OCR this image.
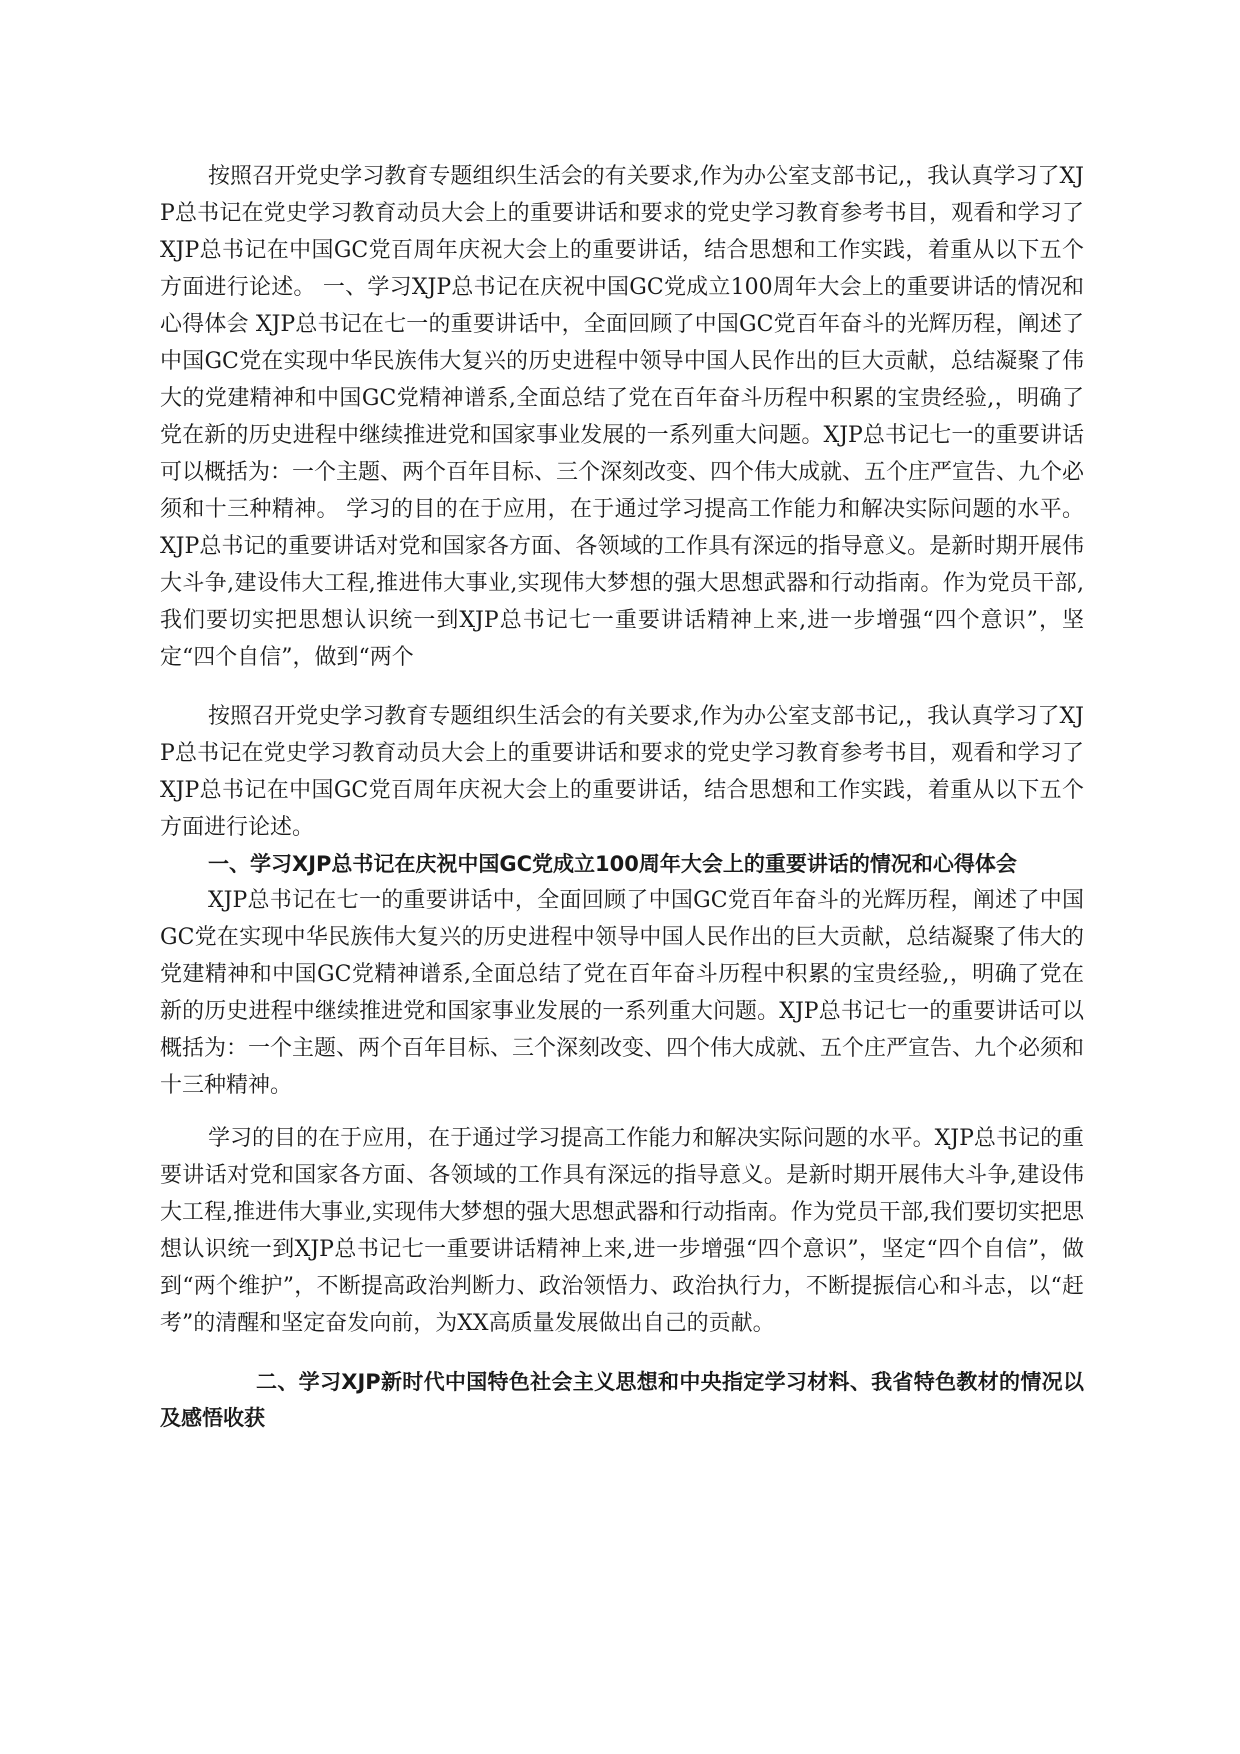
按照召开党史学习教育专题组织生活会的有关要求,作为办公室支部书记,，我认真学习了XJP总书记在党史学习教育动员大会上的重要讲话和要求的党史学习教育参考书目，观看和学习了XJP总书记在中国GC党百周年庆祝大会上的重要讲话，结合思想和工作实践，着重从以下五个方面进行论述。 一、学习XJP总书记在庆祝中国GC党成立100周年大会上的重要讲话的情况和心得体会 XJP总书记在七一的重要讲话中，全面回顾了中国GC党百年奋斗的光辉历程，阐述了中国GC党在实现中华民族伟大复兴的历史进程中领导中国人民作出的巨大贡献，总结凝聚了伟大的党建精神和中国GC党精神谱系,全面总结了党在百年奋斗历程中积累的宝贵经验,，明确了党在新的历史进程中继续推进党和国家事业发展的一系列重大问题。XJP总书记七一的重要讲话可以概括为：一个主题、两个百年目标、三个深刻改变、四个伟大成就、五个庄严宣告、九个必须和十三种精神。 学习的目的在于应用，在于通过学习提高工作能力和解决实际问题的水平。XJP总书记的重要讲话对党和国家各方面、各领域的工作具有深远的指导意义。是新时期开展伟大斗争,建设伟大工程,推进伟大事业,实现伟大梦想的强大思想武器和行动指南。作为党员干部,我们要切实把思想认识统一到XJP总书记七一重要讲话精神上来,进一步增强“四个意识”，坚定“四个自信”，做到“两个

按照召开党史学习教育专题组织生活会的有关要求,作为办公室支部书记,，我认真学习了XJP总书记在党史学习教育动员大会上的重要讲话和要求的党史学习教育参考书目，观看和学习了XJP总书记在中国GC党百周年庆祝大会上的重要讲话，结合思想和工作实践，着重从以下五个方面进行论述。

一、学习XJP总书记在庆祝中国GC党成立100周年大会上的重要讲话的情况和心得体会

XJP总书记在七一的重要讲话中，全面回顾了中国GC党百年奋斗的光辉历程，阐述了中国GC党在实现中华民族伟大复兴的历史进程中领导中国人民作出的巨大贡献，总结凝聚了伟大的党建精神和中国GC党精神谱系,全面总结了党在百年奋斗历程中积累的宝贵经验,，明确了党在新的历史进程中继续推进党和国家事业发展的一系列重大问题。XJP总书记七一的重要讲话可以概括为：一个主题、两个百年目标、三个深刻改变、四个伟大成就、五个庄严宣告、九个必须和十三种精神。

学习的目的在于应用，在于通过学习提高工作能力和解决实际问题的水平。XJP总书记的重要讲话对党和国家各方面、各领域的工作具有深远的指导意义。是新时期开展伟大斗争,建设伟大工程,推进伟大事业,实现伟大梦想的强大思想武器和行动指南。作为党员干部,我们要切实把思想认识统一到XJP总书记七一重要讲话精神上来,进一步增强“四个意识”，坚定“四个自信”，做到“两个维护”，不断提高政治判断力、政治领悟力、政治执行力，不断提振信心和斗志，以“赶考”的清醒和坚定奋发向前，为XX高质量发展做出自己的贡献。

二、学习XJP新时代中国特色社会主义思想和中央指定学习材料、我省特色教材的情况以及感悟收获
